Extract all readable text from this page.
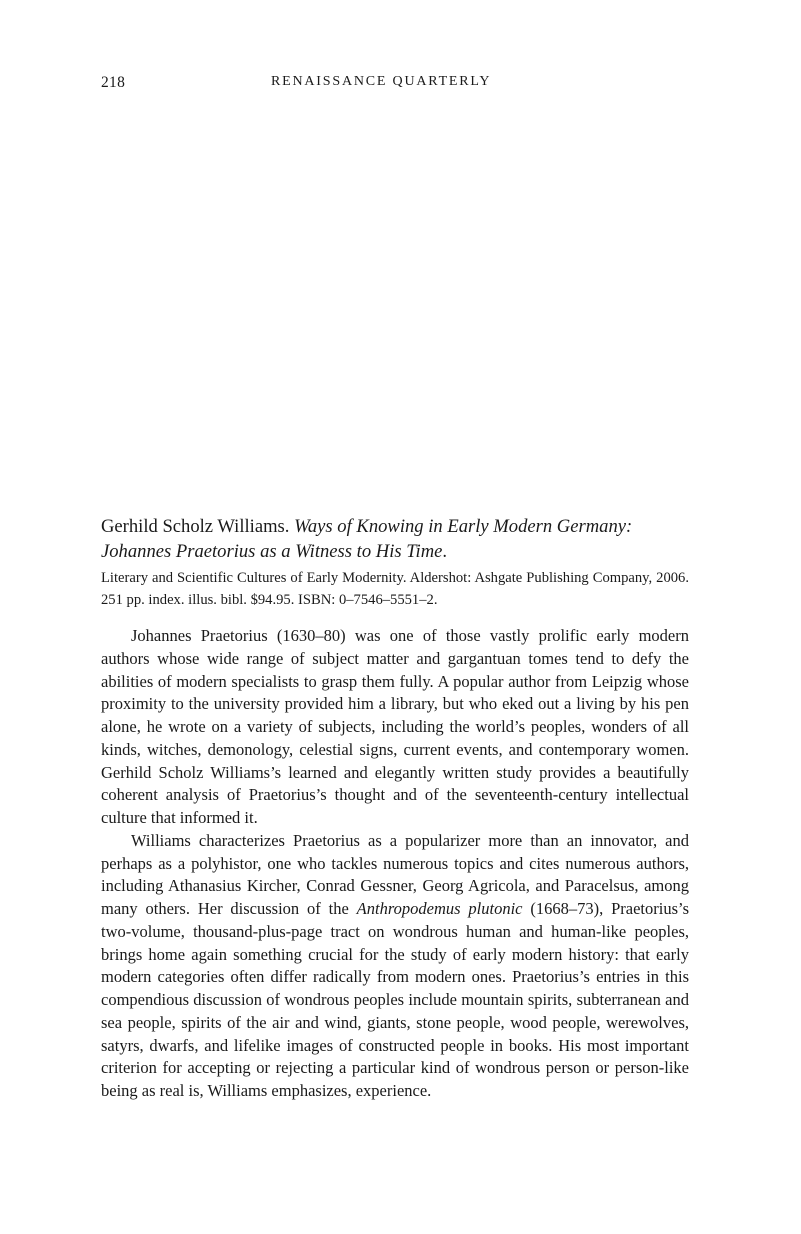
218	RENAISSANCE QUARTERLY

Gerhild Scholz Williams. Ways of Knowing in Early Modern Germany:

Johannes Praetorius as a Witness to His Time.

Literary and Scientific Cultures of Early Modernity. Aldershot: Ashgate Publishing Company, 2006. 251 pp. index. illus. bibl. $94.95. ISBN: 0–7546–5551–2.

Johannes Praetorius (1630–80) was one of those vastly prolific early modern authors whose wide range of subject matter and gargantuan tomes tend to defy the abilities of modern specialists to grasp them fully. A popular author from Leipzig whose proximity to the university provided him a library, but who eked out a living by his pen alone, he wrote on a variety of subjects, including the world’s peoples, wonders of all kinds, witches, demonology, celestial signs, current events, and contemporary women. Gerhild Scholz Williams’s learned and elegantly written study provides a beautifully coherent analysis of Praetorius’s thought and of the seventeenth-century intellectual culture that informed it.

Williams characterizes Praetorius as a popularizer more than an innovator, and perhaps as a polyhistor, one who tackles numerous topics and cites numerous authors, including Athanasius Kircher, Conrad Gessner, Georg Agricola, and Paracelsus, among many others. Her discussion of the Anthropodemus plutonic (1668–73), Praetorius’s two-volume, thousand-plus-page tract on wondrous human and human-like peoples, brings home again something crucial for the study of early modern history: that early modern categories often differ radically from modern ones. Praetorius’s entries in this compendious discussion of wondrous peoples include mountain spirits, subterranean and sea people, spirits of the air and wind, giants, stone people, wood people, werewolves, satyrs, dwarfs, and lifelike images of constructed people in books. His most important criterion for accepting or rejecting a particular kind of wondrous person or person-like being as real is, Williams emphasizes, experience.
